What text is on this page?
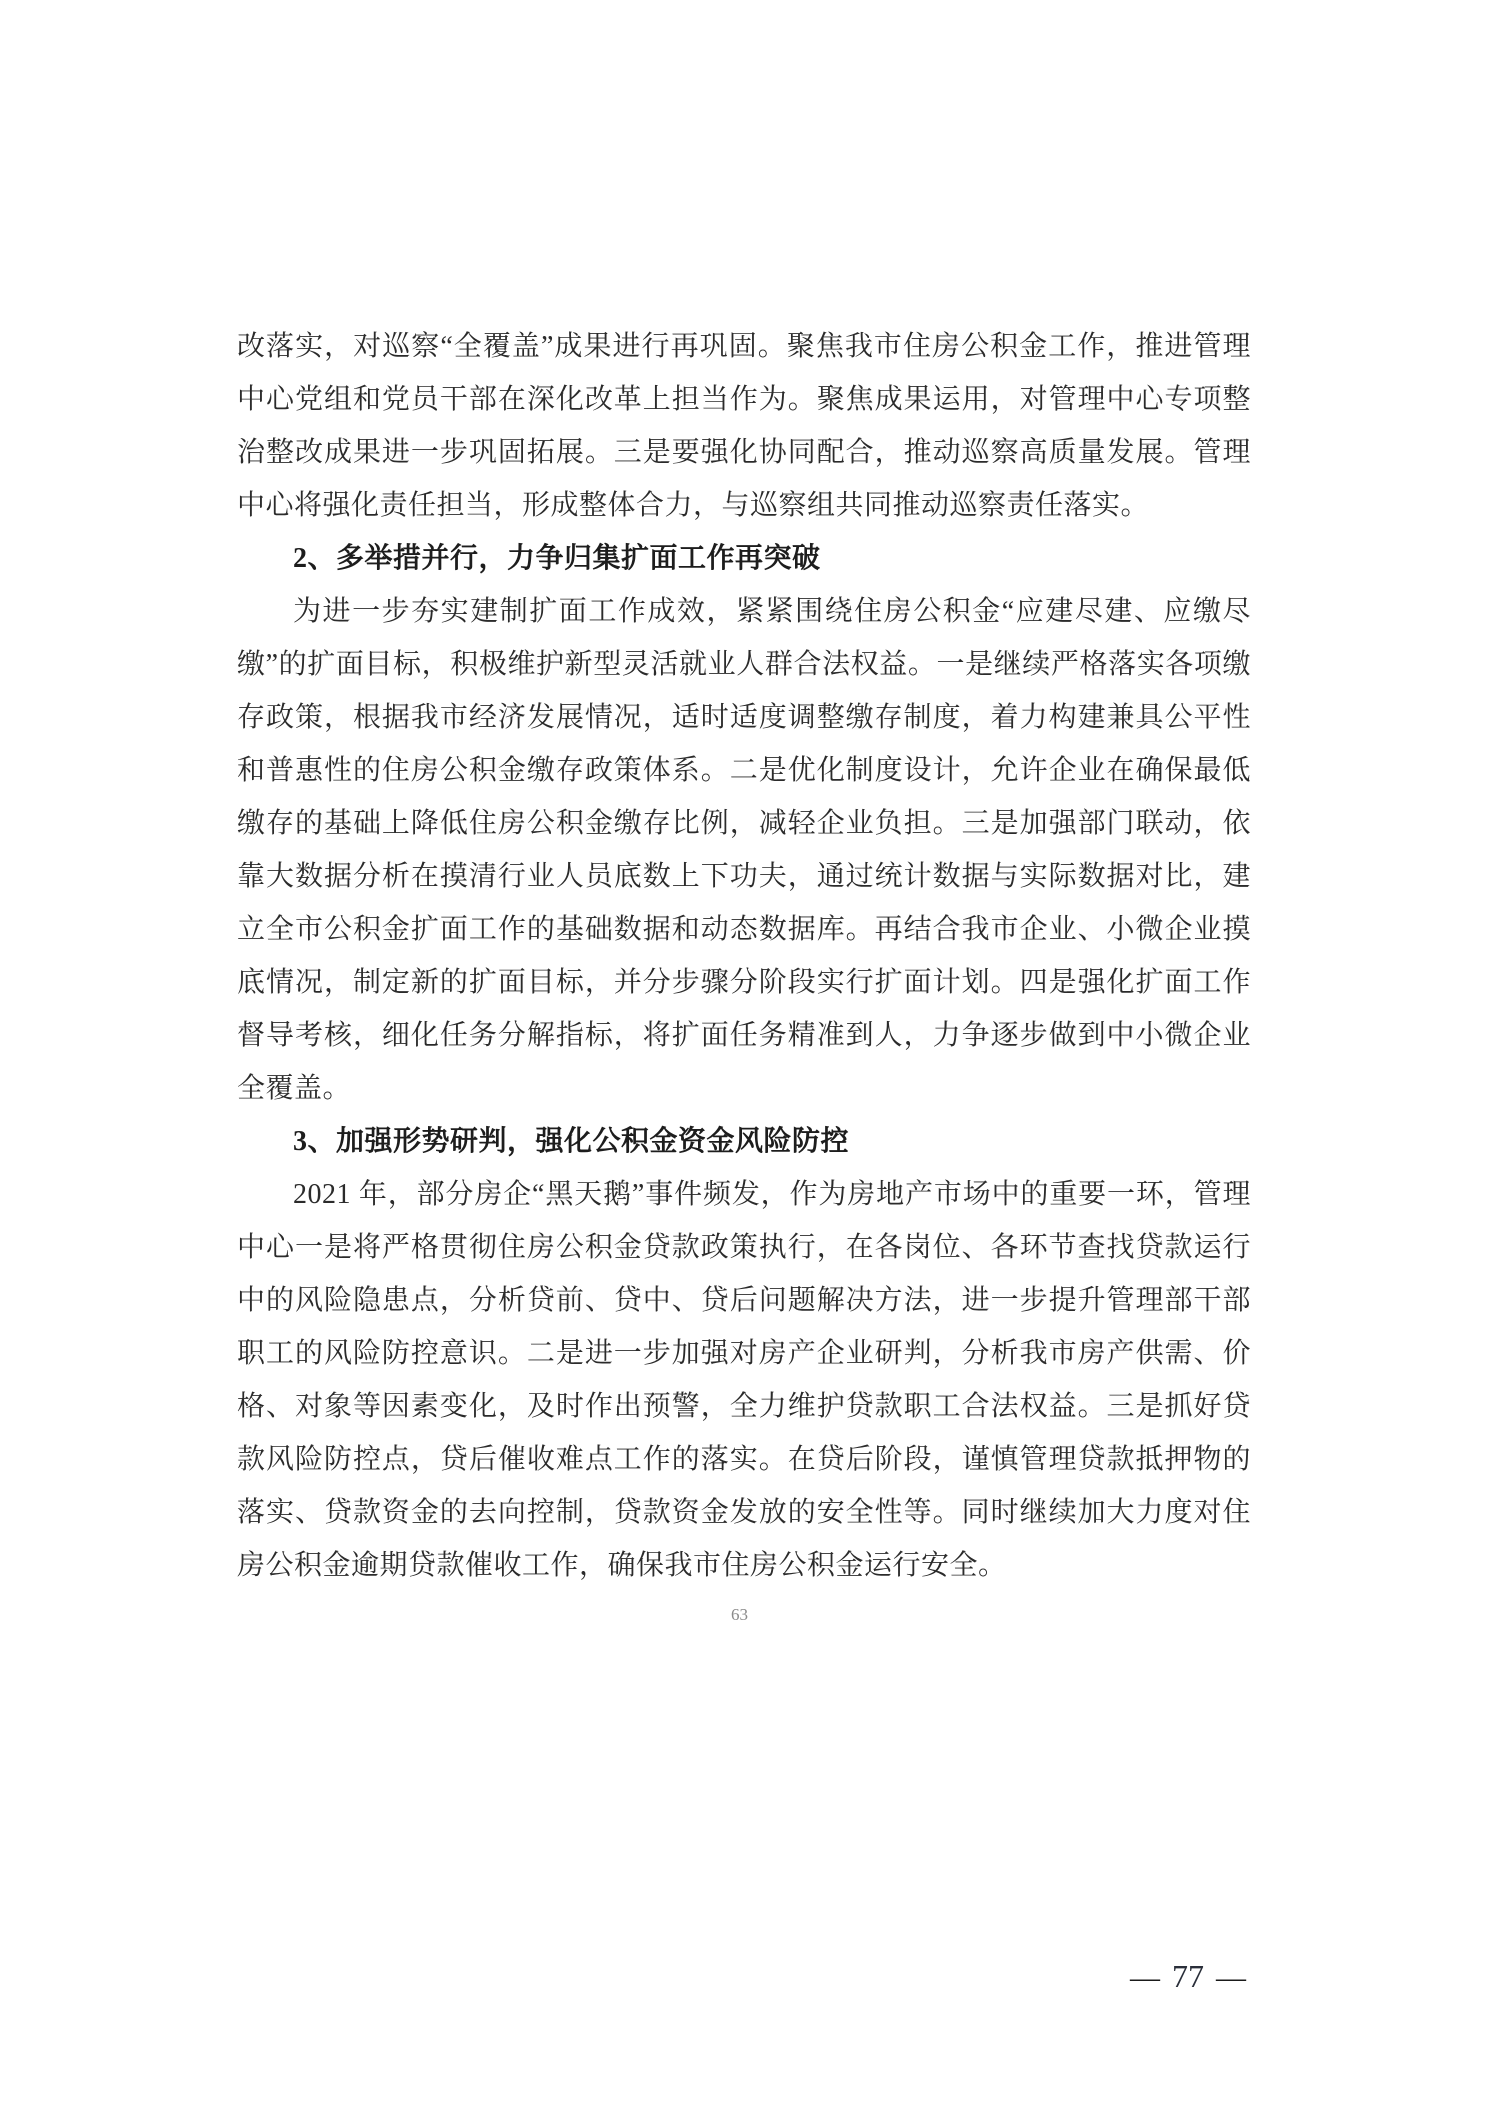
改落实，对巡察“全覆盖”成果进行再巩固。聚焦我市住房公积金工作，推进管理中心党组和党员干部在深化改革上担当作为。聚焦成果运用，对管理中心专项整治整改成果进一步巩固拓展。三是要强化协同配合，推动巡察高质量发展。管理中心将强化责任担当，形成整体合力，与巡察组共同推动巡察责任落实。

2、多举措并行，力争归集扩面工作再突破

为进一步夯实建制扩面工作成效，紧紧围绕住房公积金“应建尽建、应缴尽缴”的扩面目标，积极维护新型灵活就业人群合法权益。一是继续严格落实各项缴存政策，根据我市经济发展情况，适时适度调整缴存制度，着力构建兼具公平性和普惠性的住房公积金缴存政策体系。二是优化制度设计，允许企业在确保最低缴存的基础上降低住房公积金缴存比例，减轻企业负担。三是加强部门联动，依靠大数据分析在摸清行业人员底数上下功夫，通过统计数据与实际数据对比，建立全市公积金扩面工作的基础数据和动态数据库。再结合我市企业、小微企业摸底情况，制定新的扩面目标，并分步骤分阶段实行扩面计划。四是强化扩面工作督导考核，细化任务分解指标，将扩面任务精准到人，力争逐步做到中小微企业全覆盖。

3、加强形势研判，强化公积金资金风险防控

2021 年，部分房企“黑天鹅”事件频发，作为房地产市场中的重要一环，管理中心一是将严格贯彻住房公积金贷款政策执行，在各岗位、各环节查找贷款运行中的风险隐患点，分析贷前、贷中、贷后问题解决方法，进一步提升管理部干部职工的风险防控意识。二是进一步加强对房产企业研判，分析我市房产供需、价格、对象等因素变化，及时作出预警，全力维护贷款职工合法权益。三是抓好贷款风险防控点，贷后催收难点工作的落实。在贷后阶段，谨慎管理贷款抵押物的落实、贷款资金的去向控制，贷款资金发放的安全性等。同时继续加大力度对住房公积金逾期贷款催收工作，确保我市住房公积金运行安全。

63
— 77 —
